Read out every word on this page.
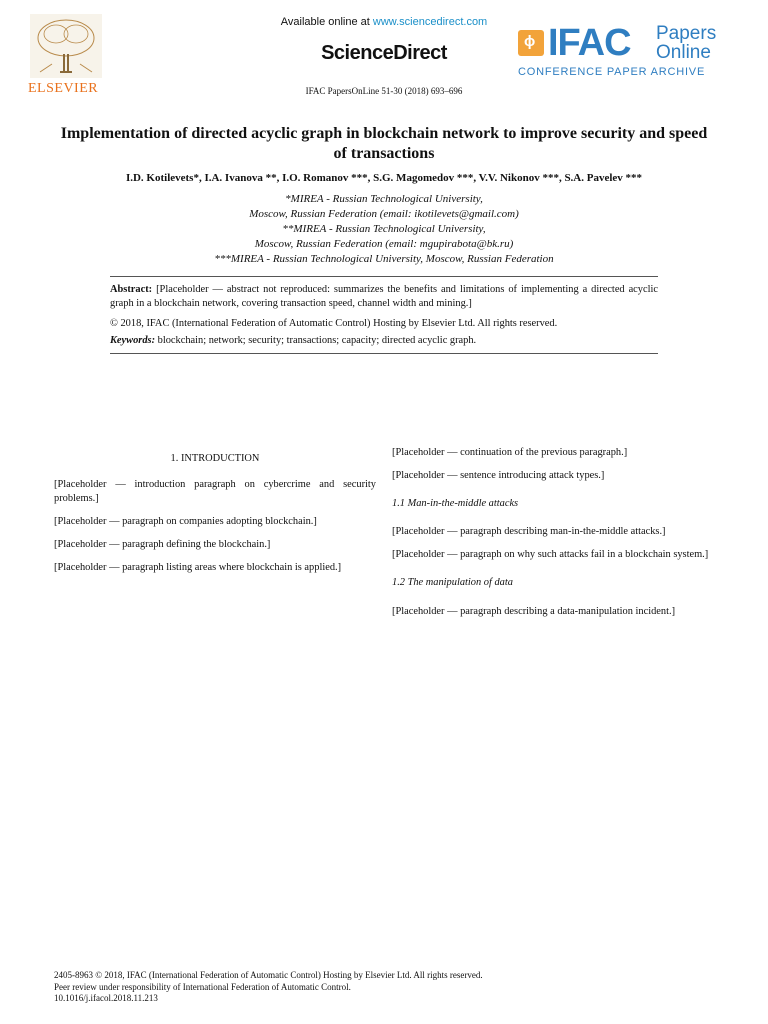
ELSEVIER
Available online at www.sciencedirect.com
ScienceDirect
IFAC PapersOnLine 51-30 (2018) 693–696
ϕ IFAC Papers
Online
CONFERENCE PAPER ARCHIVE
Implementation of directed acyclic graph in blockchain network to improve security and speed of transactions
I.D. Kotilevets*, I.A. Ivanova **, I.O. Romanov ***, S.G. Magomedov ***, V.V. Nikonov ***, S.A. Pavelev ***
*MIREA - Russian Technological University,
Moscow, Russian Federation (email: ikotilevets@gmail.com)
**MIREA - Russian Technological University,
Moscow, Russian Federation (email: mgupirabota@bk.ru)
***MIREA - Russian Technological University, Moscow, Russian Federation
Abstract: [Placeholder — abstract not reproduced: summarizes the benefits and limitations of implementing a directed acyclic graph in a blockchain network, covering transaction speed, channel width and mining.]
© 2018, IFAC (International Federation of Automatic Control) Hosting by Elsevier Ltd. All rights reserved.
Keywords: blockchain; network; security; transactions; capacity; directed acyclic graph.
1. INTRODUCTION

[Placeholder — introduction paragraph on cybercrime and security problems.]

[Placeholder — paragraph on companies adopting blockchain.]

[Placeholder — paragraph defining the blockchain.]

[Placeholder — paragraph listing areas where blockchain is applied.]

[Placeholder — continuation of the previous paragraph.]

[Placeholder — sentence introducing attack types.]

1.1 Man-in-the-middle attacks

[Placeholder — paragraph describing man-in-the-middle attacks.]

[Placeholder — paragraph on why such attacks fail in a blockchain system.]

1.2 The manipulation of data

[Placeholder — paragraph describing a data-manipulation incident.]

2405-8963 © 2018, IFAC (International Federation of Automatic Control) Hosting by Elsevier Ltd. All rights reserved.
Peer review under responsibility of International Federation of Automatic Control.
10.1016/j.ifacol.2018.11.213
